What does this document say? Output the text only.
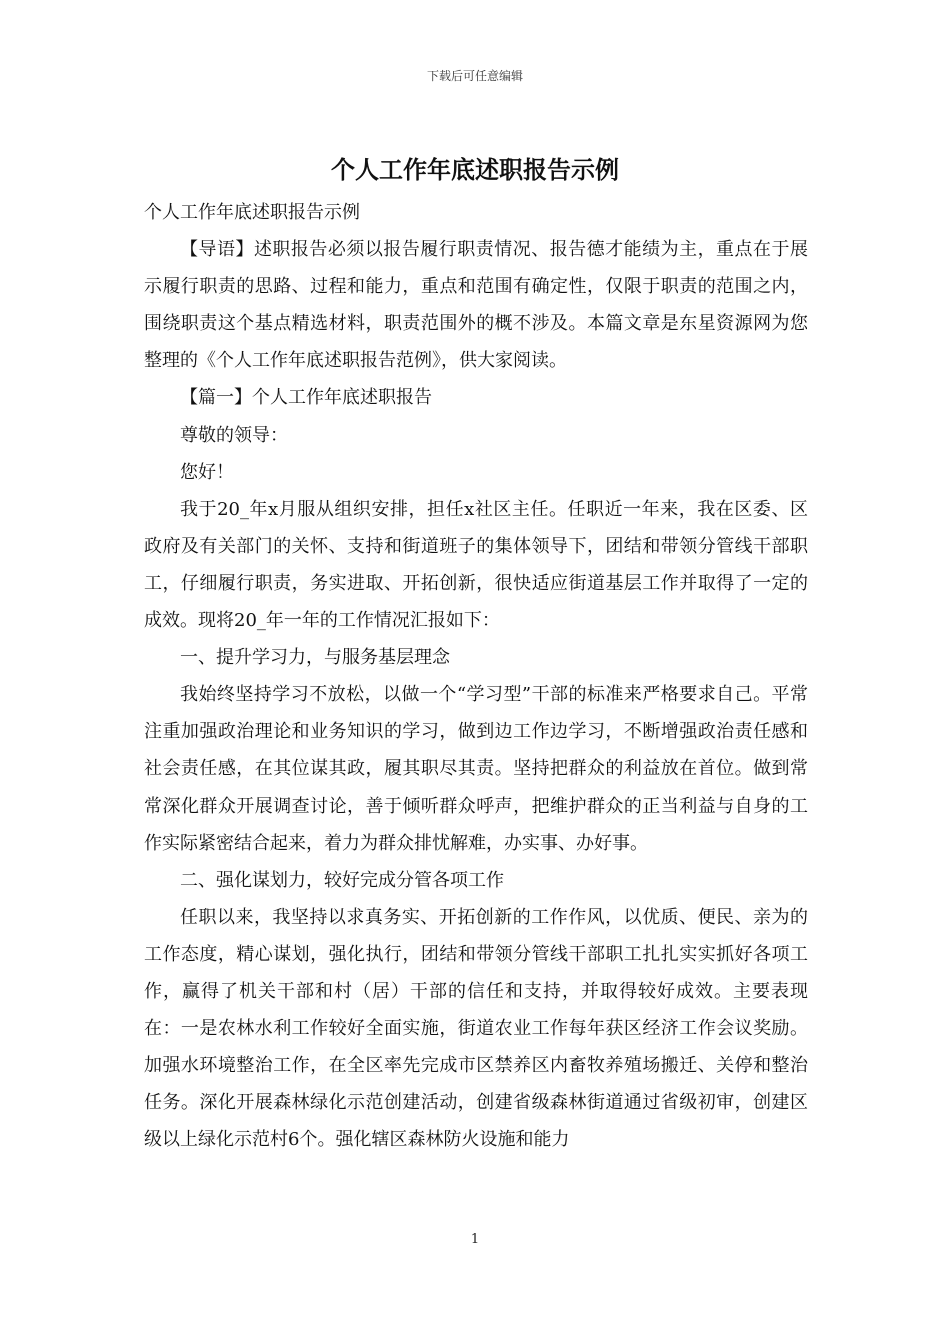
下载后可任意编辑
个人工作年底述职报告示例

个人工作年底述职报告示例

【导语】述职报告必须以报告履行职责情况、报告德才能绩为主，重点在于展示履行职责的思路、过程和能力，重点和范围有确定性，仅限于职责的范围之内，围绕职责这个基点精选材料，职责范围外的概不涉及。本篇文章是东星资源网为您整理的《个人工作年底述职报告范例》，供大家阅读。

【篇一】个人工作年底述职报告

尊敬的领导：

您好！

我于20_年x月服从组织安排，担任x社区主任。任职近一年来，我在区委、区政府及有关部门的关怀、支持和街道班子的集体领导下，团结和带领分管线干部职工，仔细履行职责，务实进取、开拓创新，很快适应街道基层工作并取得了一定的成效。现将20_年一年的工作情况汇报如下：

一、提升学习力，与服务基层理念

我始终坚持学习不放松，以做一个“学习型”干部的标准来严格要求自己。平常注重加强政治理论和业务知识的学习，做到边工作边学习，不断增强政治责任感和社会责任感，在其位谋其政，履其职尽其责。坚持把群众的利益放在首位。做到常常深化群众开展调查讨论，善于倾听群众呼声，把维护群众的正当利益与自身的工作实际紧密结合起来，着力为群众排忧解难，办实事、办好事。

二、强化谋划力，较好完成分管各项工作

任职以来，我坚持以求真务实、开拓创新的工作作风，以优质、便民、亲为的工作态度，精心谋划，强化执行，团结和带领分管线干部职工扎扎实实抓好各项工作，赢得了机关干部和村（居）干部的信任和支持，并取得较好成效。主要表现在：一是农林水利工作较好全面实施，街道农业工作每年获区经济工作会议奖励。加强水环境整治工作，在全区率先完成市区禁养区内畜牧养殖场搬迁、关停和整治任务。深化开展森林绿化示范创建活动，创建省级森林街道通过省级初审，创建区级以上绿化示范村6个。强化辖区森林防火设施和能力

1
